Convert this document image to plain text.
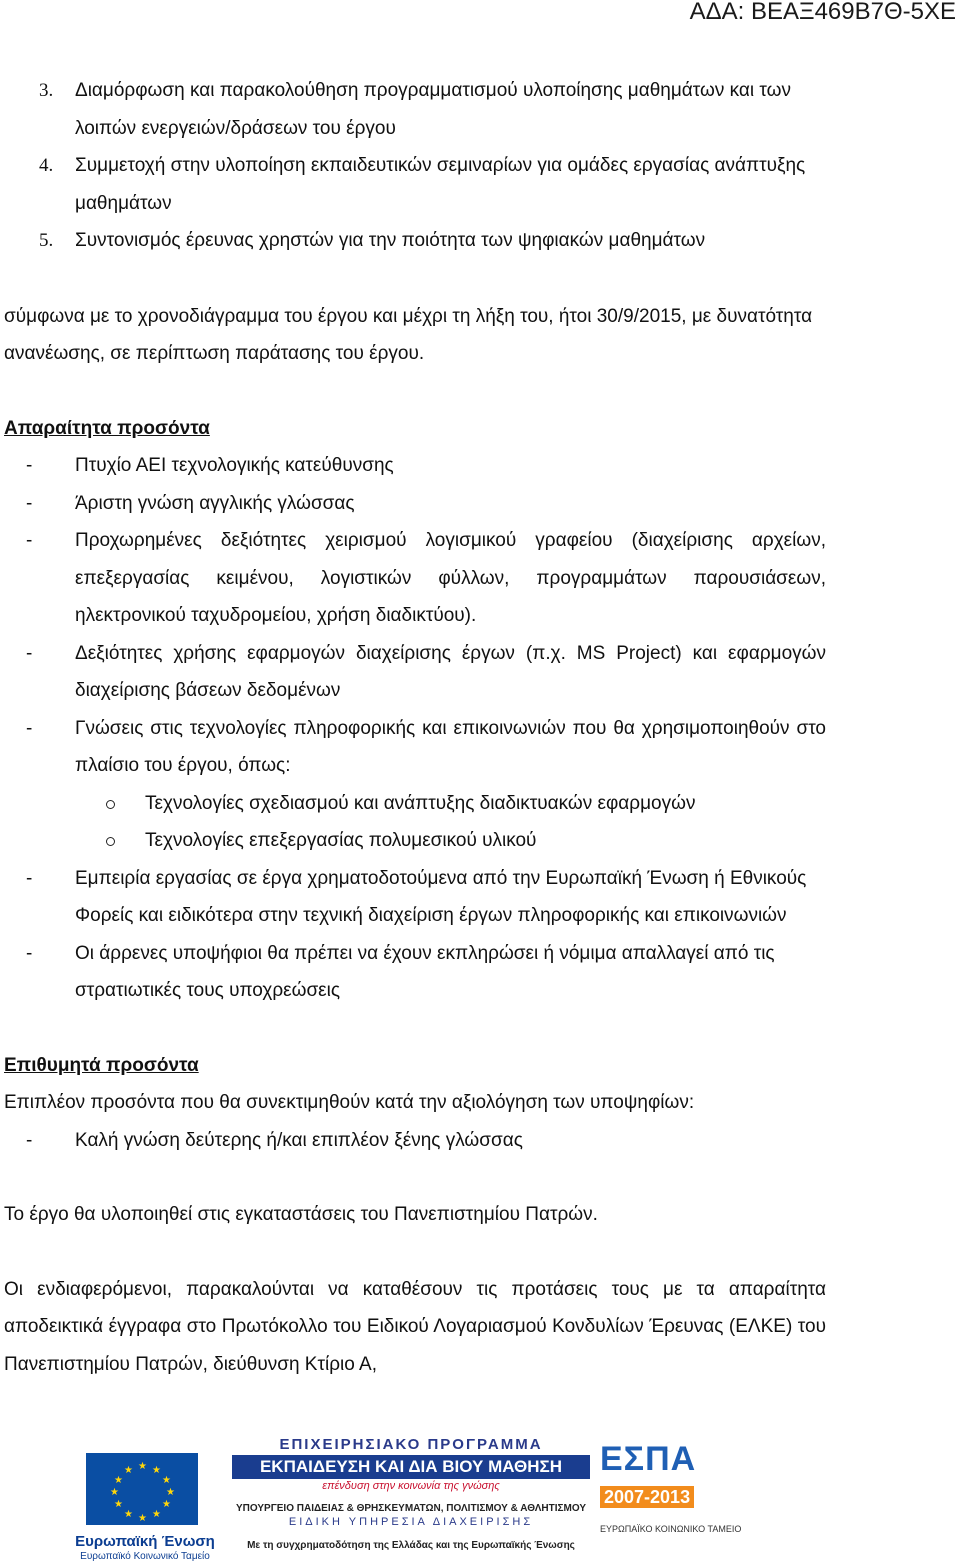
ΑΔΑ: ΒΕΑΞ469Β7Θ-5ΧΕ
3. Διαμόρφωση και παρακολούθηση προγραμματισμού υλοποίησης μαθημάτων και των λοιπών ενεργειών/δράσεων του έργου
4. Συμμετοχή στην υλοποίηση εκπαιδευτικών σεμιναρίων για ομάδες εργασίας ανάπτυξης μαθημάτων
5. Συντονισμός έρευνας χρηστών για την ποιότητα των ψηφιακών μαθημάτων

σύμφωνα με το χρονοδιάγραμμα του έργου και μέχρι τη λήξη του, ήτοι 30/9/2015, με δυνατότητα ανανέωσης, σε περίπτωση παράτασης του έργου.

Απαραίτητα προσόντα

- Πτυχίο ΑΕΙ τεχνολογικής κατεύθυνσης
- Άριστη γνώση αγγλικής γλώσσας
- Προχωρημένες δεξιότητες χειρισμού λογισμικού γραφείου (διαχείρισης αρχείων, επεξεργασίας κειμένου, λογιστικών φύλλων, προγραμμάτων παρουσιάσεων, ηλεκτρονικού ταχυδρομείου, χρήση διαδικτύου).
- Δεξιότητες χρήσης εφαρμογών διαχείρισης έργων (π.χ. MS Project) και εφαρμογών διαχείρισης βάσεων δεδομένων
- Γνώσεις στις τεχνολογίες πληροφορικής και επικοινωνιών που θα χρησιμοποιηθούν στο πλαίσιο του έργου, όπως:
Τεχνολογίες σχεδιασμού και ανάπτυξης διαδικτυακών εφαρμογών
Τεχνολογίες επεξεργασίας πολυμεσικού υλικού
- Εμπειρία εργασίας σε έργα χρηματοδοτούμενα από την Ευρωπαϊκή Ένωση ή Εθνικούς Φορείς και ειδικότερα στην τεχνική διαχείριση έργων πληροφορικής και επικοινωνιών
- Οι άρρενες υποψήφιοι θα πρέπει να έχουν εκπληρώσει ή νόμιμα απαλλαγεί από τις στρατιωτικές τους υποχρεώσεις

Επιθυμητά προσόντα

Επιπλέον προσόντα που θα συνεκτιμηθούν κατά την αξιολόγηση των υποψηφίων:

- Καλή γνώση δεύτερης ή/και επιπλέον ξένης γλώσσας

Το έργο θα υλοποιηθεί στις εγκαταστάσεις του Πανεπιστημίου Πατρών.

Οι ενδιαφερόμενοι, παρακαλούνται να καταθέσουν τις προτάσεις τους με τα απαραίτητα αποδεικτικά έγγραφα στο Πρωτόκολλο του Ειδικού Λογαριασμού Κονδυλίων Έρευνας (ΕΛΚΕ) του Πανεπιστημίου Πατρών, διεύθυνση Κτίριο Α,

★ ★
★
★
★
★
★
★
★
★
★
★
Ευρωπαϊκή Ένωση
Ευρωπαϊκό Κοινωνικό Ταμείο
ΕΠΙΧΕΙΡΗΣΙΑΚΟ ΠΡΟΓΡΑΜΜΑ
ΕΚΠΑΙΔΕΥΣΗ ΚΑΙ ΔΙΑ ΒΙΟΥ ΜΑΘΗΣΗ
επένδυση στην κοινωνία της γνώσης
ΥΠΟΥΡΓΕΙΟ ΠΑΙΔΕΙΑΣ & ΘΡΗΣΚΕΥΜΑΤΩΝ, ΠΟΛΙΤΙΣΜΟΥ & ΑΘΛΗΤΙΣΜΟΥ
ΕΙΔΙΚΗ ΥΠΗΡΕΣΙΑ ΔΙΑΧΕΙΡΙΣΗΣ
Με τη συγχρηματοδότηση της Ελλάδας και της Ευρωπαϊκής Ένωσης
ΕΣΠΑ
2007-2013
ΕΥΡΩΠΑΪΚΟ ΚΟΙΝΩΝΙΚΟ ΤΑΜΕΙΟ
